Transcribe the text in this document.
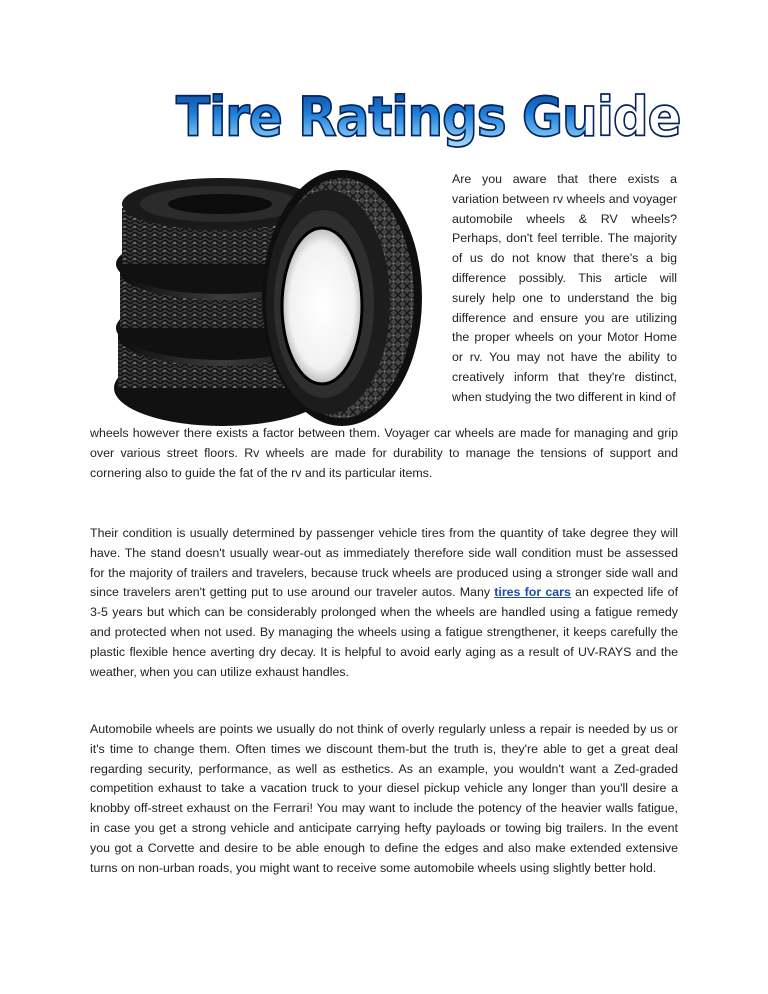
Tire Ratings Guide
Are you aware that there exists a variation between rv wheels and voyager automobile wheels & RV wheels? Perhaps, don't feel terrible. The majority of us do not know that there's a big difference possibly. This article will surely help one to understand the big difference and ensure you are utilizing the proper wheels on your Motor Home or rv. You may not have the ability to creatively inform that they're distinct, when studying the two different in kind of
wheels however there exists a factor between them. Voyager car wheels are made for managing and grip over various street floors. Rv wheels are made for durability to manage the tensions of support and cornering also to guide the fat of the rv and its particular items.
Their condition is usually determined by passenger vehicle tires from the quantity of take degree they will have. The stand doesn't usually wear-out as immediately therefore side wall condition must be assessed for the majority of trailers and travelers, because truck wheels are produced using a stronger side wall and since travelers aren't getting put to use around our traveler autos. Many tires for cars an expected life of 3-5 years but which can be considerably prolonged when the wheels are handled using a fatigue remedy and protected when not used. By managing the wheels using a fatigue strengthener, it keeps carefully the plastic flexible hence averting dry decay. It is helpful to avoid early aging as a result of UV-RAYS and the weather, when you can utilize exhaust handles.
Automobile wheels are points we usually do not think of overly regularly unless a repair is needed by us or it's time to change them. Often times we discount them-but the truth is, they're able to get a great deal regarding security, performance, as well as esthetics. As an example, you wouldn't want a Zed-graded competition exhaust to take a vacation truck to your diesel pickup vehicle any longer than you'll desire a knobby off-street exhaust on the Ferrari! You may want to include the potency of the heavier walls fatigue, in case you get a strong vehicle and anticipate carrying hefty payloads or towing big trailers. In the event you got a Corvette and desire to be able enough to define the edges and also make extended extensive turns on non-urban roads, you might want to receive some automobile wheels using slightly better hold.
